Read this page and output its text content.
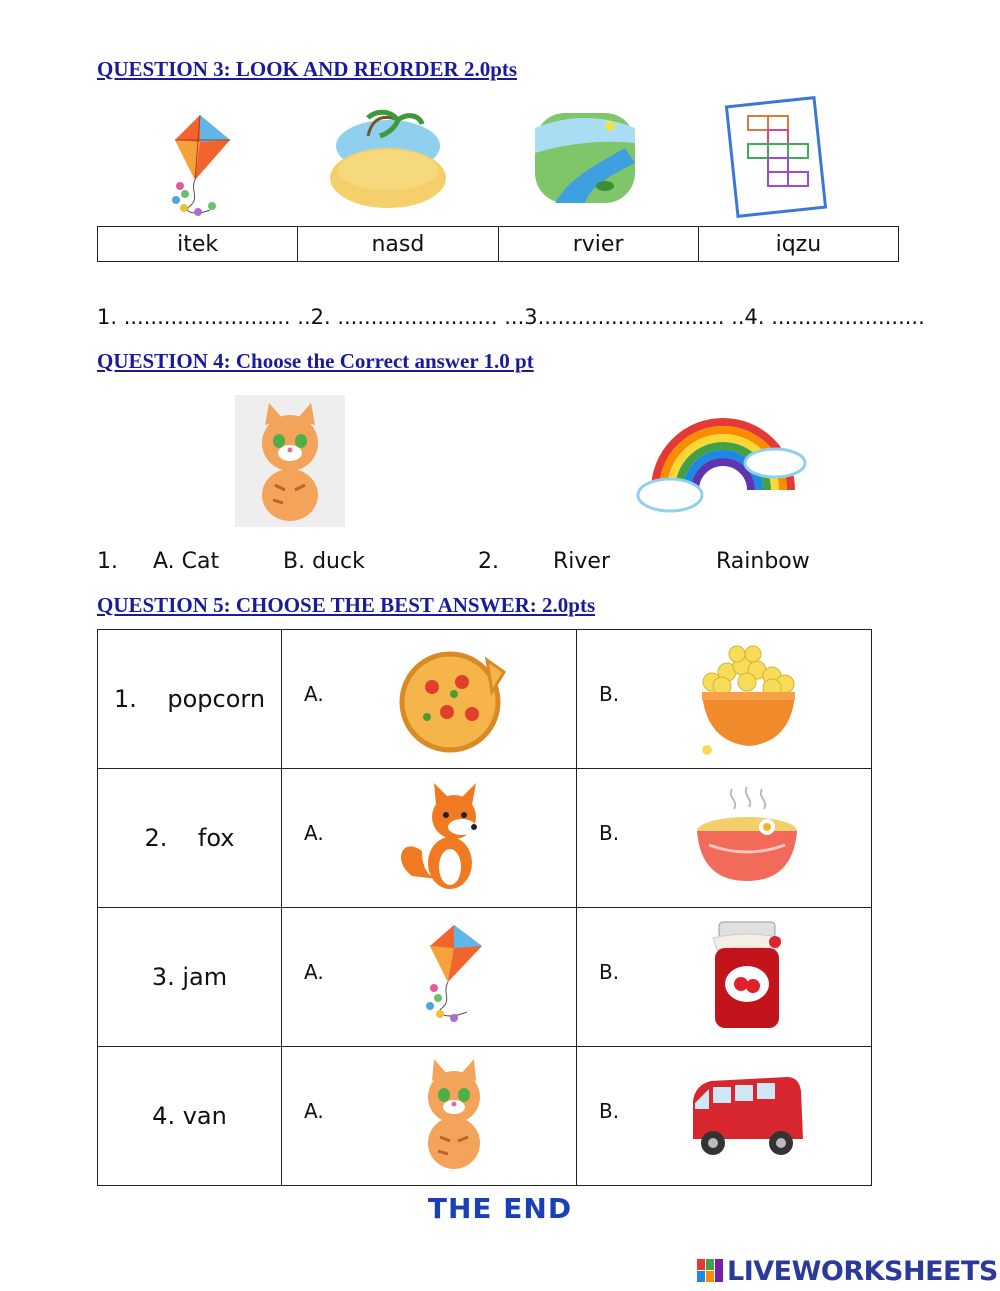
QUESTION 3: LOOK AND REORDER 2.0pts
itek	nasd	rvier	iqzu
1. ......................... ..2. ........................ ...3............................ ..4. .......................
QUESTION 4: Choose the Correct answer 1.0 pt
1. A. Cat	B. duck	2. River	Rainbow
QUESTION 5: CHOOSE THE BEST ANSWER: 2.0pts
1.    popcorn	A.	B.

2.    fox	A.	B.

3. jam	A.	B.

4. van	A.	B.
THE END
LIVEWORKSHEETS
